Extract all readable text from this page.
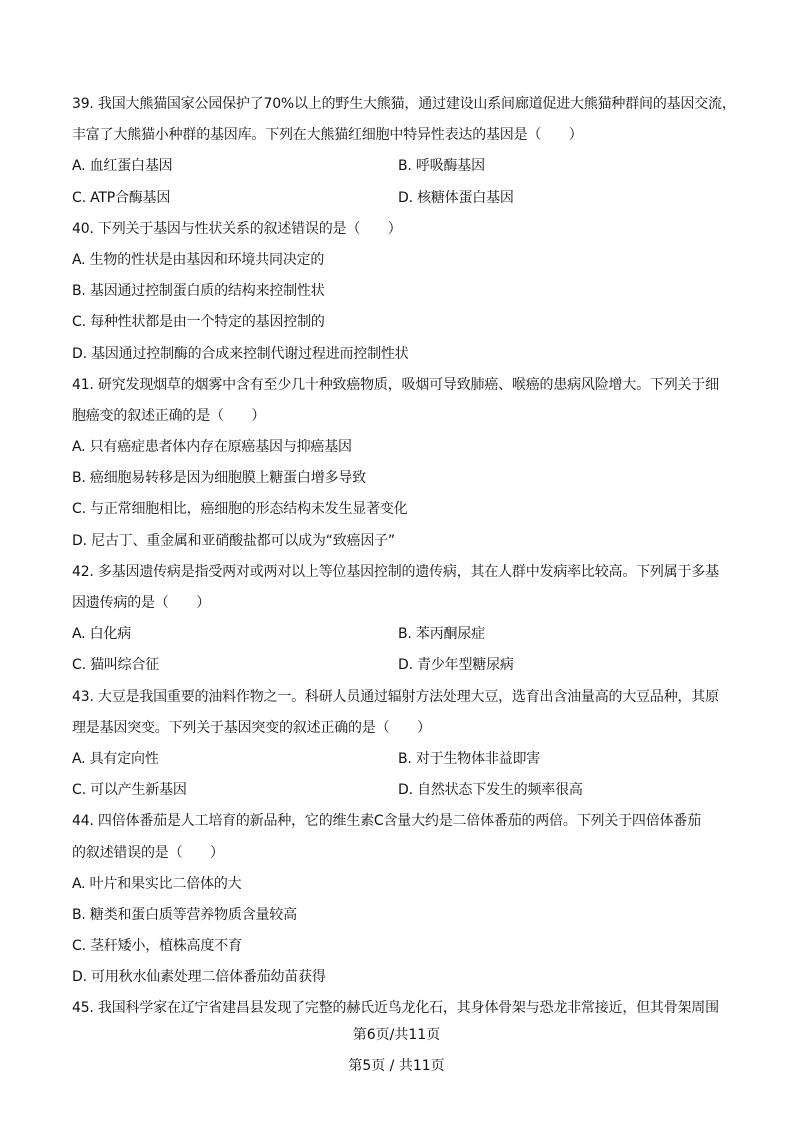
39. 我国大熊猫国家公园保护了70%以上的野生大熊猫，通过建设山系间廊道促进大熊猫种群间的基因交流，
丰富了大熊猫小种群的基因库。下列在大熊猫红细胞中特异性表达的基因是（　　）
A. 血红蛋白基因	B. 呼吸酶基因
C. ATP合酶基因	D. 核糖体蛋白基因
40. 下列关于基因与性状关系的叙述错误的是（　　）
A. 生物的性状是由基因和环境共同决定的
B. 基因通过控制蛋白质的结构来控制性状
C. 每种性状都是由一个特定的基因控制的
D. 基因通过控制酶的合成来控制代谢过程进而控制性状
41. 研究发现烟草的烟雾中含有至少几十种致癌物质，吸烟可导致肺癌、喉癌的患病风险增大。下列关于细
胞癌变的叙述正确的是（　　）
A. 只有癌症患者体内存在原癌基因与抑癌基因
B. 癌细胞易转移是因为细胞膜上糖蛋白增多导致
C. 与正常细胞相比，癌细胞的形态结构未发生显著变化
D. 尼古丁、重金属和亚硝酸盐都可以成为“致癌因子”
42. 多基因遗传病是指受两对或两对以上等位基因控制的遗传病，其在人群中发病率比较高。下列属于多基
因遗传病的是（　　）
A. 白化病	B. 苯丙酮尿症
C. 猫叫综合征	D. 青少年型糖尿病
43. 大豆是我国重要的油料作物之一。科研人员通过辐射方法处理大豆，选育出含油量高的大豆品种，其原
理是基因突变。下列关于基因突变的叙述正确的是（　　）
A. 具有定向性	B. 对于生物体非益即害
C. 可以产生新基因	D. 自然状态下发生的频率很高
44. 四倍体番茄是人工培育的新品种，它的维生素C含量大约是二倍体番茄的两倍。下列关于四倍体番茄
的叙述错误的是（　　）
A. 叶片和果实比二倍体的大
B. 糖类和蛋白质等营养物质含量较高
C. 茎秆矮小，植株高度不育
D. 可用秋水仙素处理二倍体番茄幼苗获得
45. 我国科学家在辽宁省建昌县发现了完整的赫氏近鸟龙化石，其身体骨架与恐龙非常接近，但其骨架周围
第6页/共11页
第5页 / 共11页
